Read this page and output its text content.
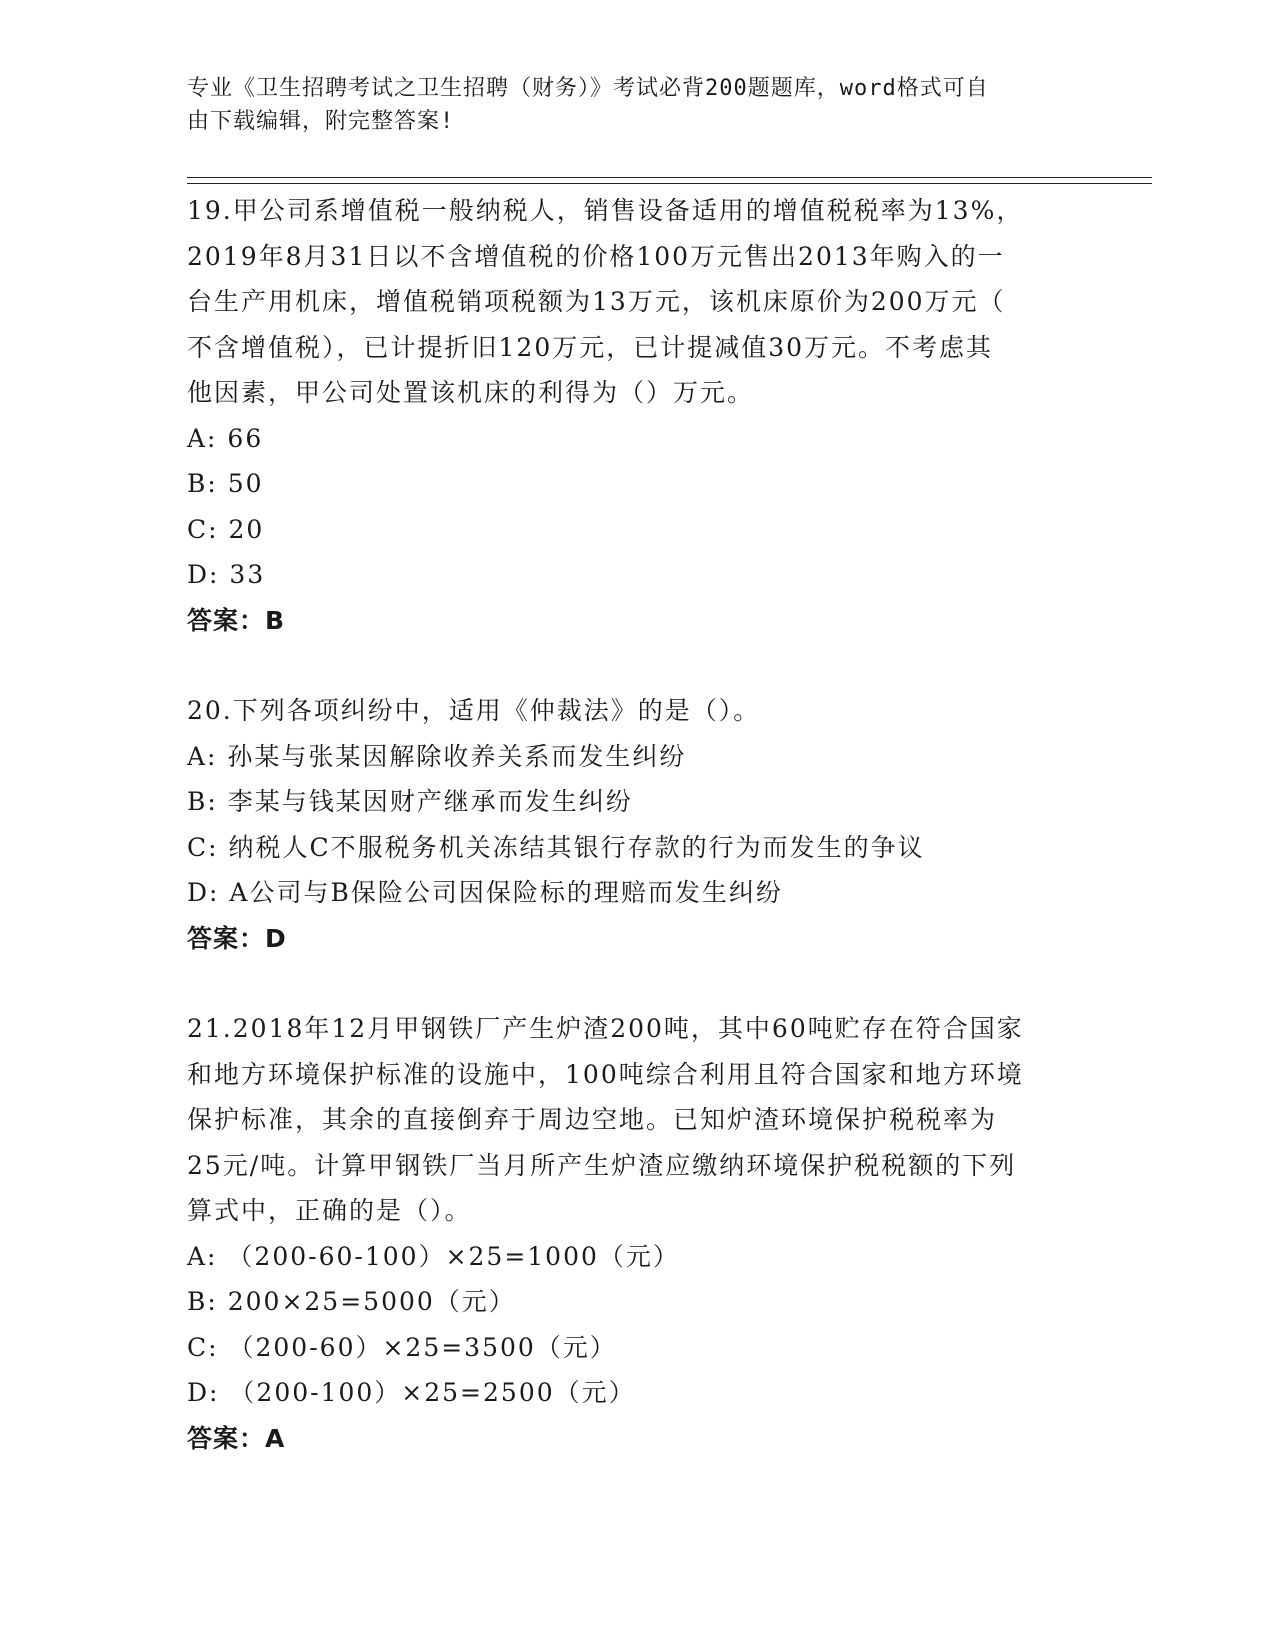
专业《卫生招聘考试之卫生招聘（财务）》考试必背200题题库，word格式可自
由下载编辑，附完整答案!

19.甲公司系增值税一般纳税人，销售设备适用的增值税税率为13%，

2019年8月31日以不含增值税的价格100万元售出2013年购入的一

台生产用机床，增值税销项税额为13万元，该机床原价为200万元（

不含增值税），已计提折旧120万元，已计提减值30万元。不考虑其

他因素，甲公司处置该机床的利得为（）万元。

A: 66

B: 50

C: 20

D: 33

答案：B

20.下列各项纠纷中，适用《仲裁法》的是（）。

A: 孙某与张某因解除收养关系而发生纠纷

B: 李某与钱某因财产继承而发生纠纷

C: 纳税人C不服税务机关冻结其银行存款的行为而发生的争议

D: A公司与B保险公司因保险标的理赔而发生纠纷

答案：D

21.2018年12月甲钢铁厂产生炉渣200吨，其中60吨贮存在符合国家

和地方环境保护标准的设施中，100吨综合利用且符合国家和地方环境

保护标准，其余的直接倒弃于周边空地。已知炉渣环境保护税税率为

25元/吨。计算甲钢铁厂当月所产生炉渣应缴纳环境保护税税额的下列

算式中，正确的是（）。

A: （200-60-100）×25=1000（元）

B: 200×25=5000（元）

C: （200-60）×25=3500（元）

D: （200-100）×25=2500（元）

答案：A
